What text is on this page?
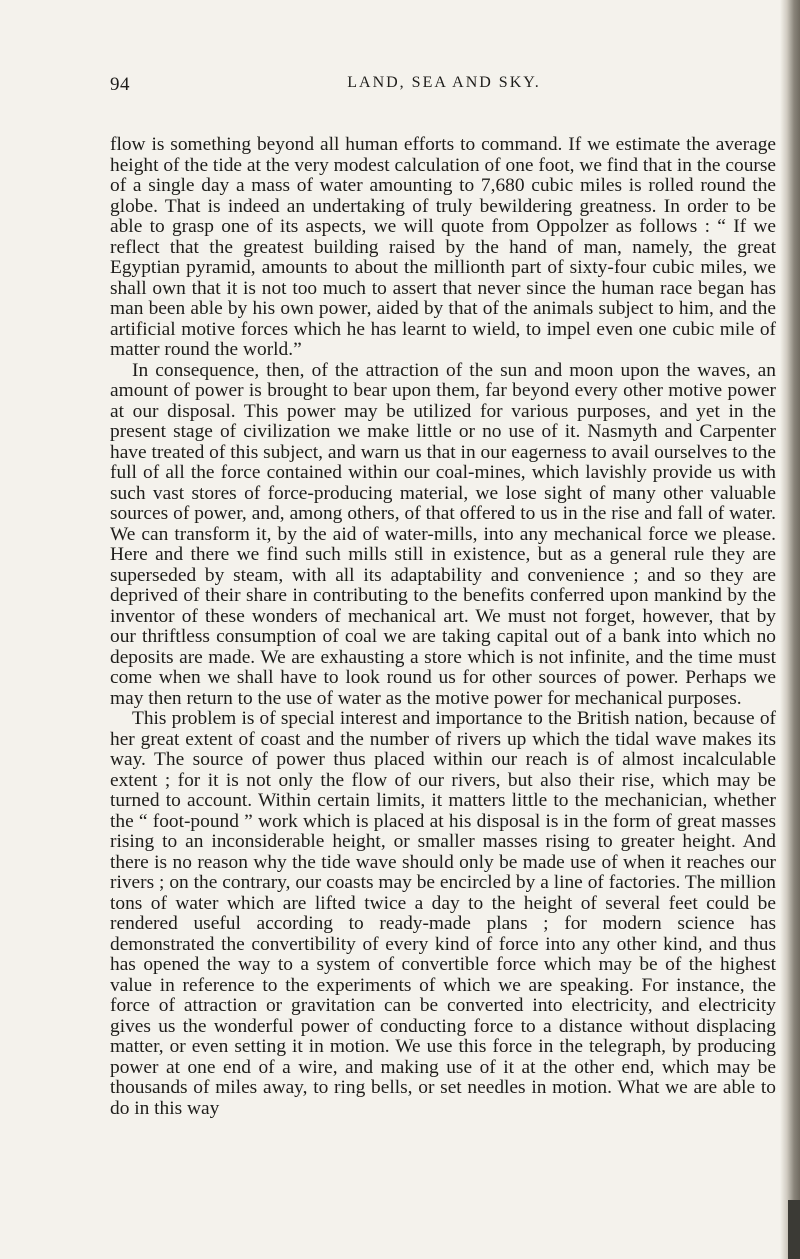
94	LAND, SEA AND SKY.

flow is something beyond all human efforts to command. If we estimate the average height of the tide at the very modest calculation of one foot, we find that in the course of a single day a mass of water amounting to 7,680 cubic miles is rolled round the globe. That is indeed an undertaking of truly bewildering greatness. In order to be able to grasp one of its aspects, we will quote from Oppolzer as follows : “ If we reflect that the greatest building raised by the hand of man, namely, the great Egyptian pyramid, amounts to about the millionth part of sixty-four cubic miles, we shall own that it is not too much to assert that never since the human race began has man been able by his own power, aided by that of the animals subject to him, and the artificial motive forces which he has learnt to wield, to impel even one cubic mile of matter round the world.”

In consequence, then, of the attraction of the sun and moon upon the waves, an amount of power is brought to bear upon them, far beyond every other motive power at our disposal. This power may be utilized for various purposes, and yet in the present stage of civilization we make little or no use of it. Nasmyth and Carpenter have treated of this subject, and warn us that in our eagerness to avail ourselves to the full of all the force contained within our coal-mines, which lavishly provide us with such vast stores of force-producing material, we lose sight of many other valuable sources of power, and, among others, of that offered to us in the rise and fall of water. We can transform it, by the aid of water-mills, into any mechanical force we please. Here and there we find such mills still in existence, but as a general rule they are superseded by steam, with all its adaptability and convenience ; and so they are deprived of their share in contributing to the benefits conferred upon mankind by the inventor of these wonders of mechanical art. We must not forget, however, that by our thriftless consumption of coal we are taking capital out of a bank into which no deposits are made. We are exhausting a store which is not infinite, and the time must come when we shall have to look round us for other sources of power. Perhaps we may then return to the use of water as the motive power for mechanical purposes.

This problem is of special interest and importance to the British nation, because of her great extent of coast and the number of rivers up which the tidal wave makes its way. The source of power thus placed within our reach is of almost incalculable extent ; for it is not only the flow of our rivers, but also their rise, which may be turned to account. Within certain limits, it matters little to the mechanician, whether the “ foot-pound ” work which is placed at his disposal is in the form of great masses rising to an inconsiderable height, or smaller masses rising to greater height. And there is no reason why the tide wave should only be made use of when it reaches our rivers ; on the contrary, our coasts may be encircled by a line of factories. The million tons of water which are lifted twice a day to the height of several feet could be rendered useful according to ready-made plans ; for modern science has demonstrated the convertibility of every kind of force into any other kind, and thus has opened the way to a system of convertible force which may be of the highest value in reference to the experiments of which we are speaking. For instance, the force of attraction or gravitation can be converted into electricity, and electricity gives us the wonderful power of conducting force to a distance without displacing matter, or even setting it in motion. We use this force in the telegraph, by producing power at one end of a wire, and making use of it at the other end, which may be thousands of miles away, to ring bells, or set needles in motion. What we are able to do in this way
